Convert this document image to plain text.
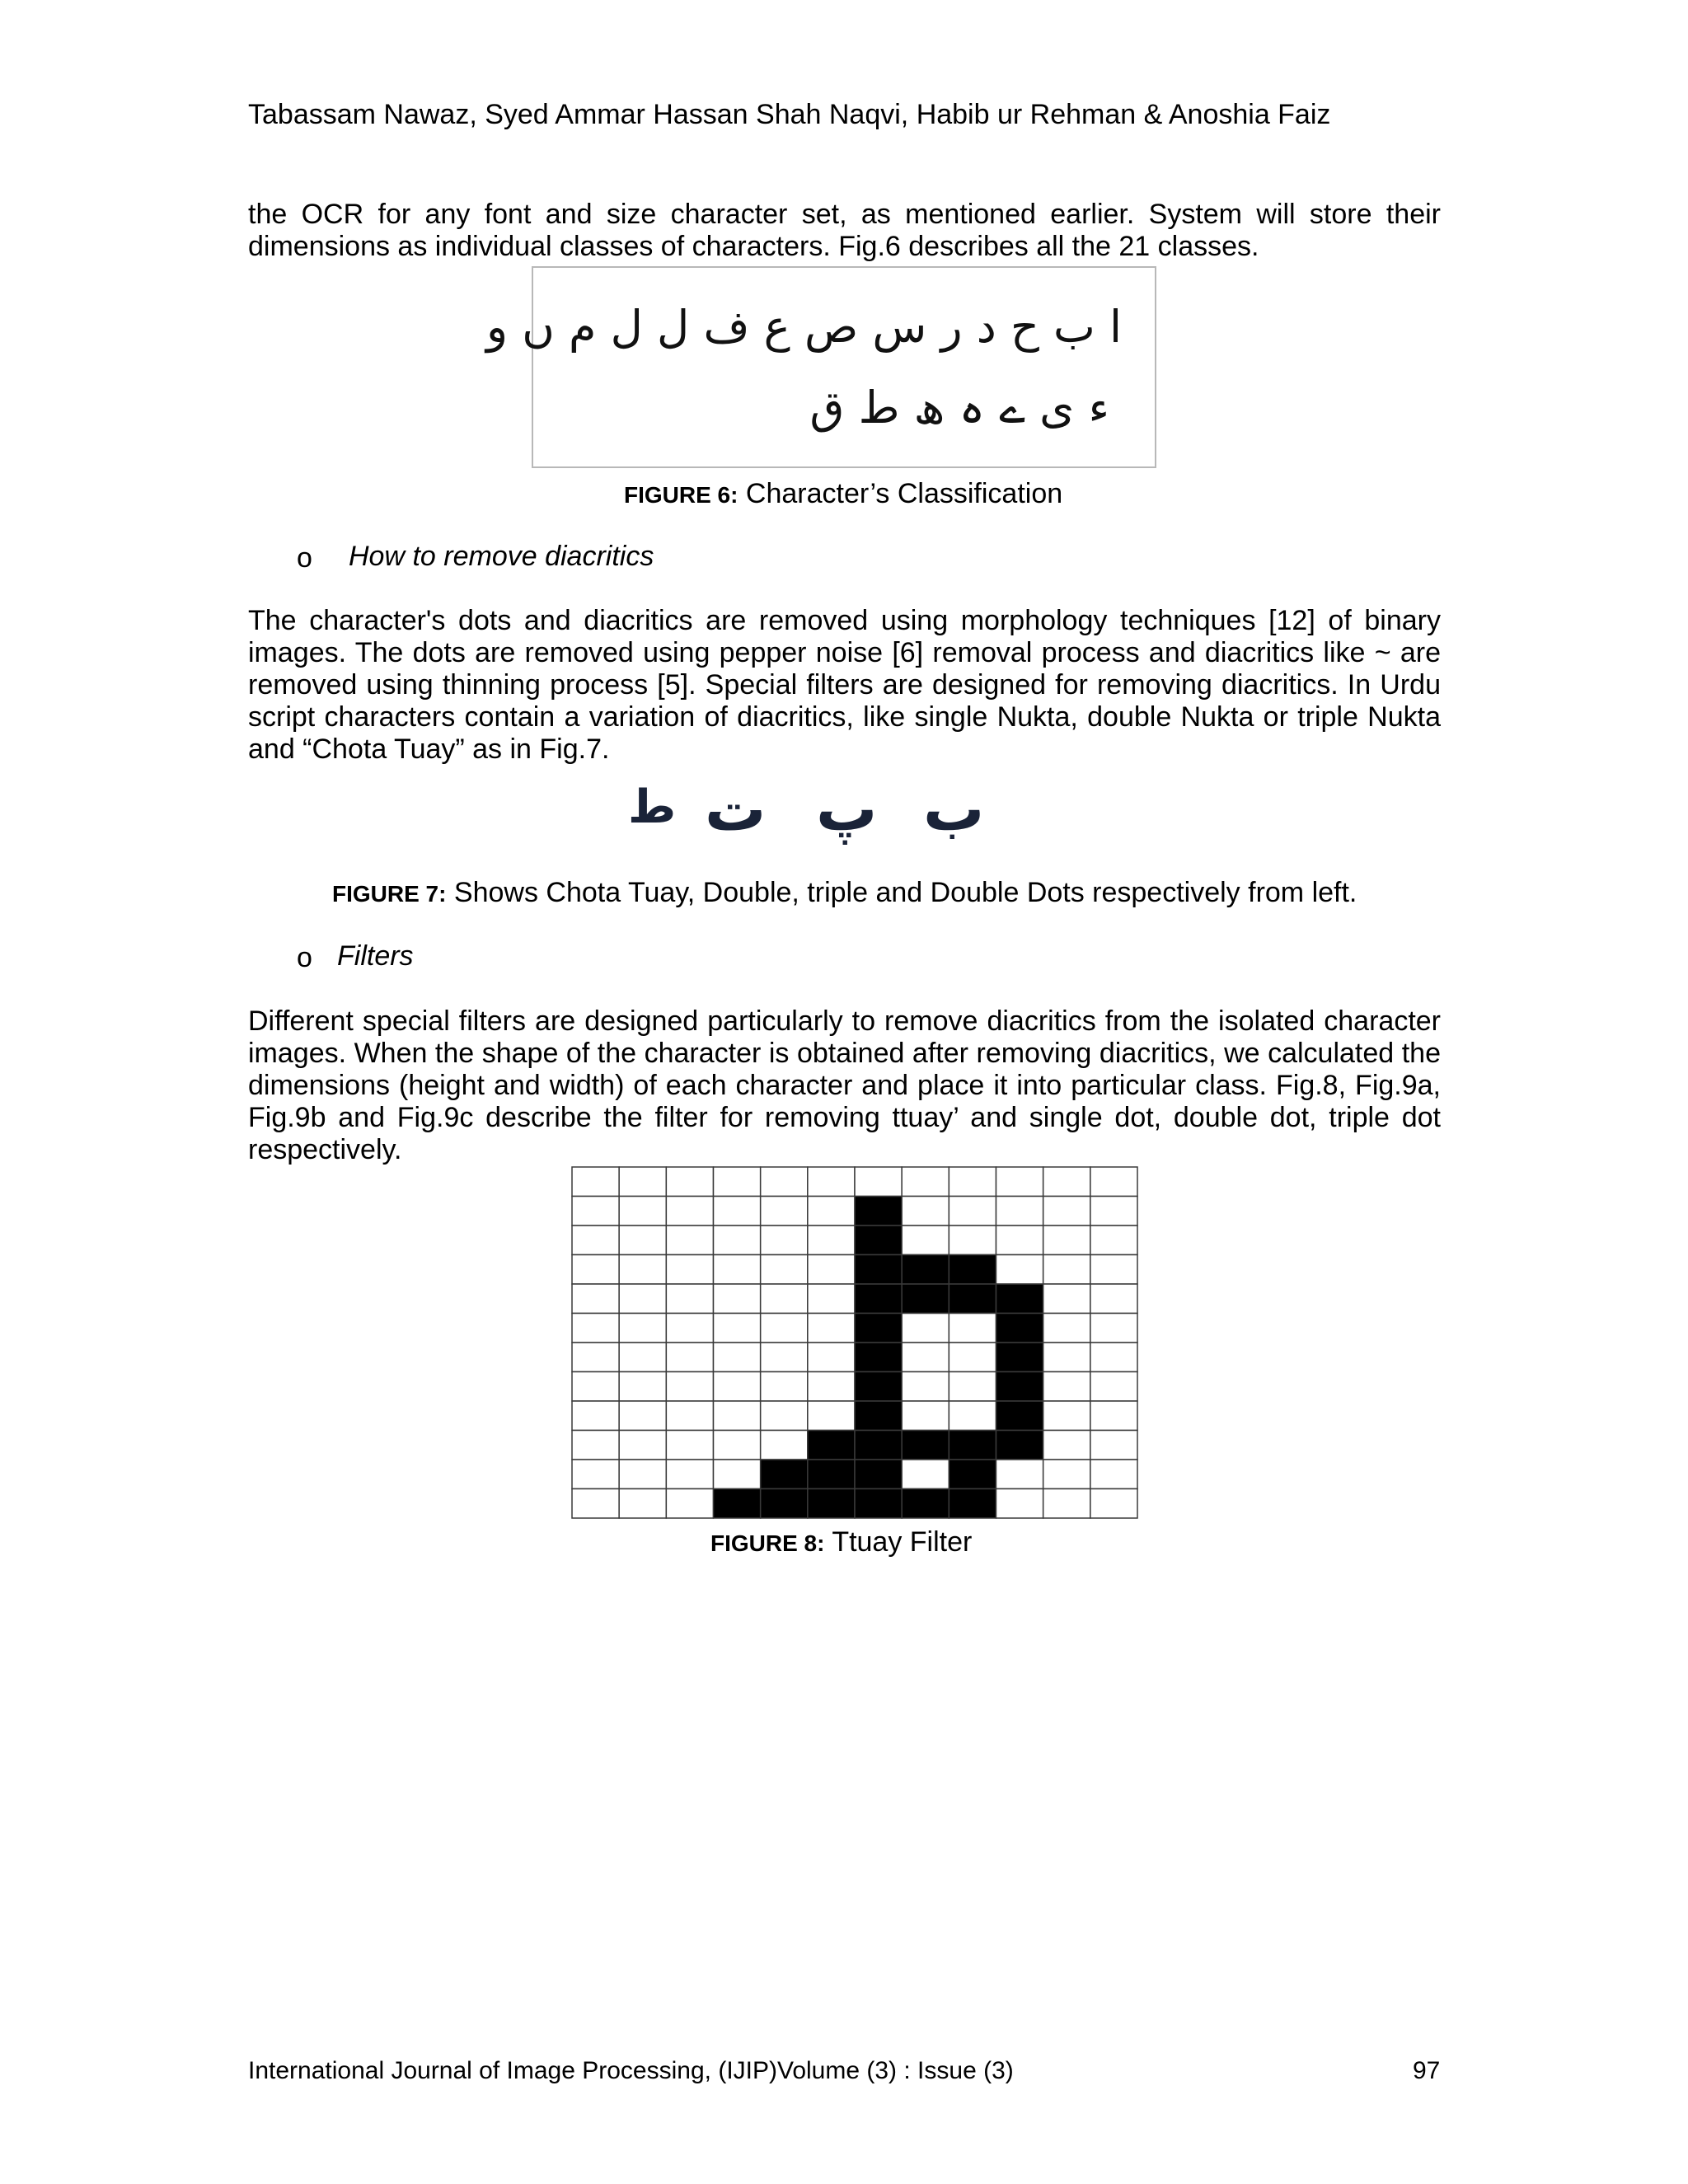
Tabassam Nawaz, Syed Ammar Hassan Shah Naqvi, Habib ur Rehman & Anoshia Faiz

the OCR for any font and size character set, as mentioned earlier. System will store their dimensions as individual classes of characters. Fig.6 describes all the 21 classes.

ا ب ح د ر س ص ع ف ل ل م ں و
ء ی ے ہ ھ ط ق
FIGURE 6: Character’s Classification
o How to remove diacritics

The character's dots and diacritics are removed using morphology techniques [12] of binary images. The dots are removed using pepper noise [6] removal process and diacritics like ~ are removed using thinning process [5]. Special filters are designed for removing diacritics. In Urdu script characters contain a variation of diacritics, like single Nukta, double Nukta or triple Nukta and “Chota Tuay” as in Fig.7.

ط ت پ ب
FIGURE 7: Shows Chota Tuay, Double, triple and Double Dots respectively from left.
o Filters

Different special filters are designed particularly to remove diacritics from the isolated character images. When the shape of the character is obtained after removing diacritics, we calculated the dimensions (height and width) of each character and place it into particular class. Fig.8, Fig.9a, Fig.9b and Fig.9c describe the filter for removing ttuay’ and single dot, double dot, triple dot respectively.

FIGURE 8: Ttuay Filter
International Journal of Image Processing, (IJIP)Volume (3) : Issue (3)	97
